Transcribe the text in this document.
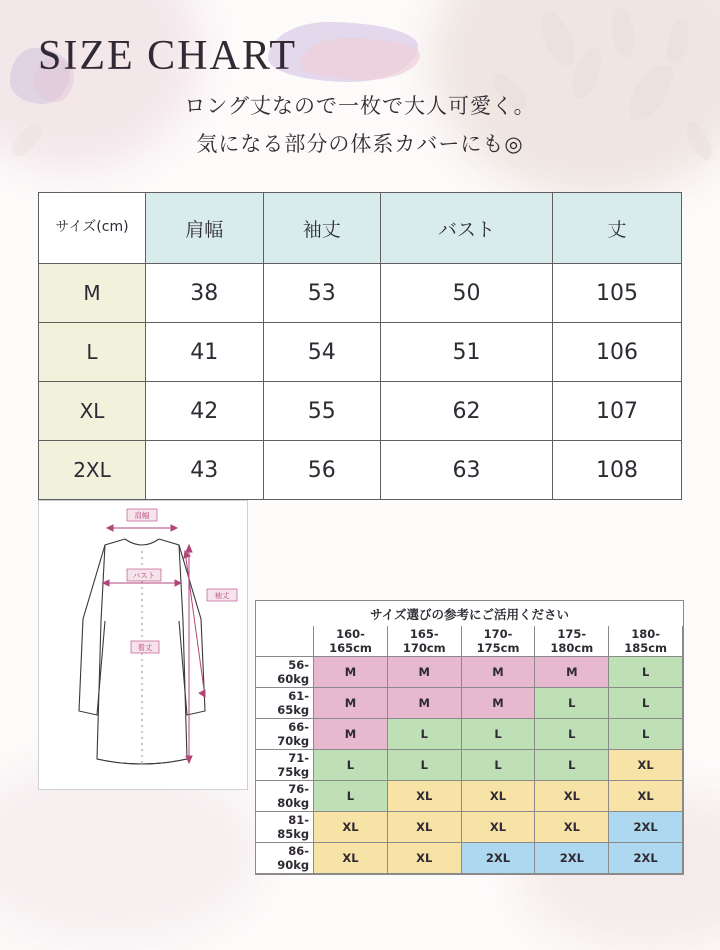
SIZE CHART
ロング丈なので一枚で大人可愛く。
気になる部分の体系カバーにも◎
サイズ(cm)	肩幅	袖丈	バスト	丈
M	38	53	50	105
L	41	54	51	106
XL	42	55	62	107
2XL	43	56	63	108
肩幅
バスト
袖丈
着丈
サイズ選びの参考にご活用ください
	160-165cm	165-170cm	170-175cm	175-180cm	180-185cm
56-60kg	M	M	M	M	L
61-65kg	M	M	M	L	L
66-70kg	M	L	L	L	L
71-75kg	L	L	L	L	XL
76-80kg	L	XL	XL	XL	XL
81-85kg	XL	XL	XL	XL	2XL
86-90kg	XL	XL	2XL	2XL	2XL
